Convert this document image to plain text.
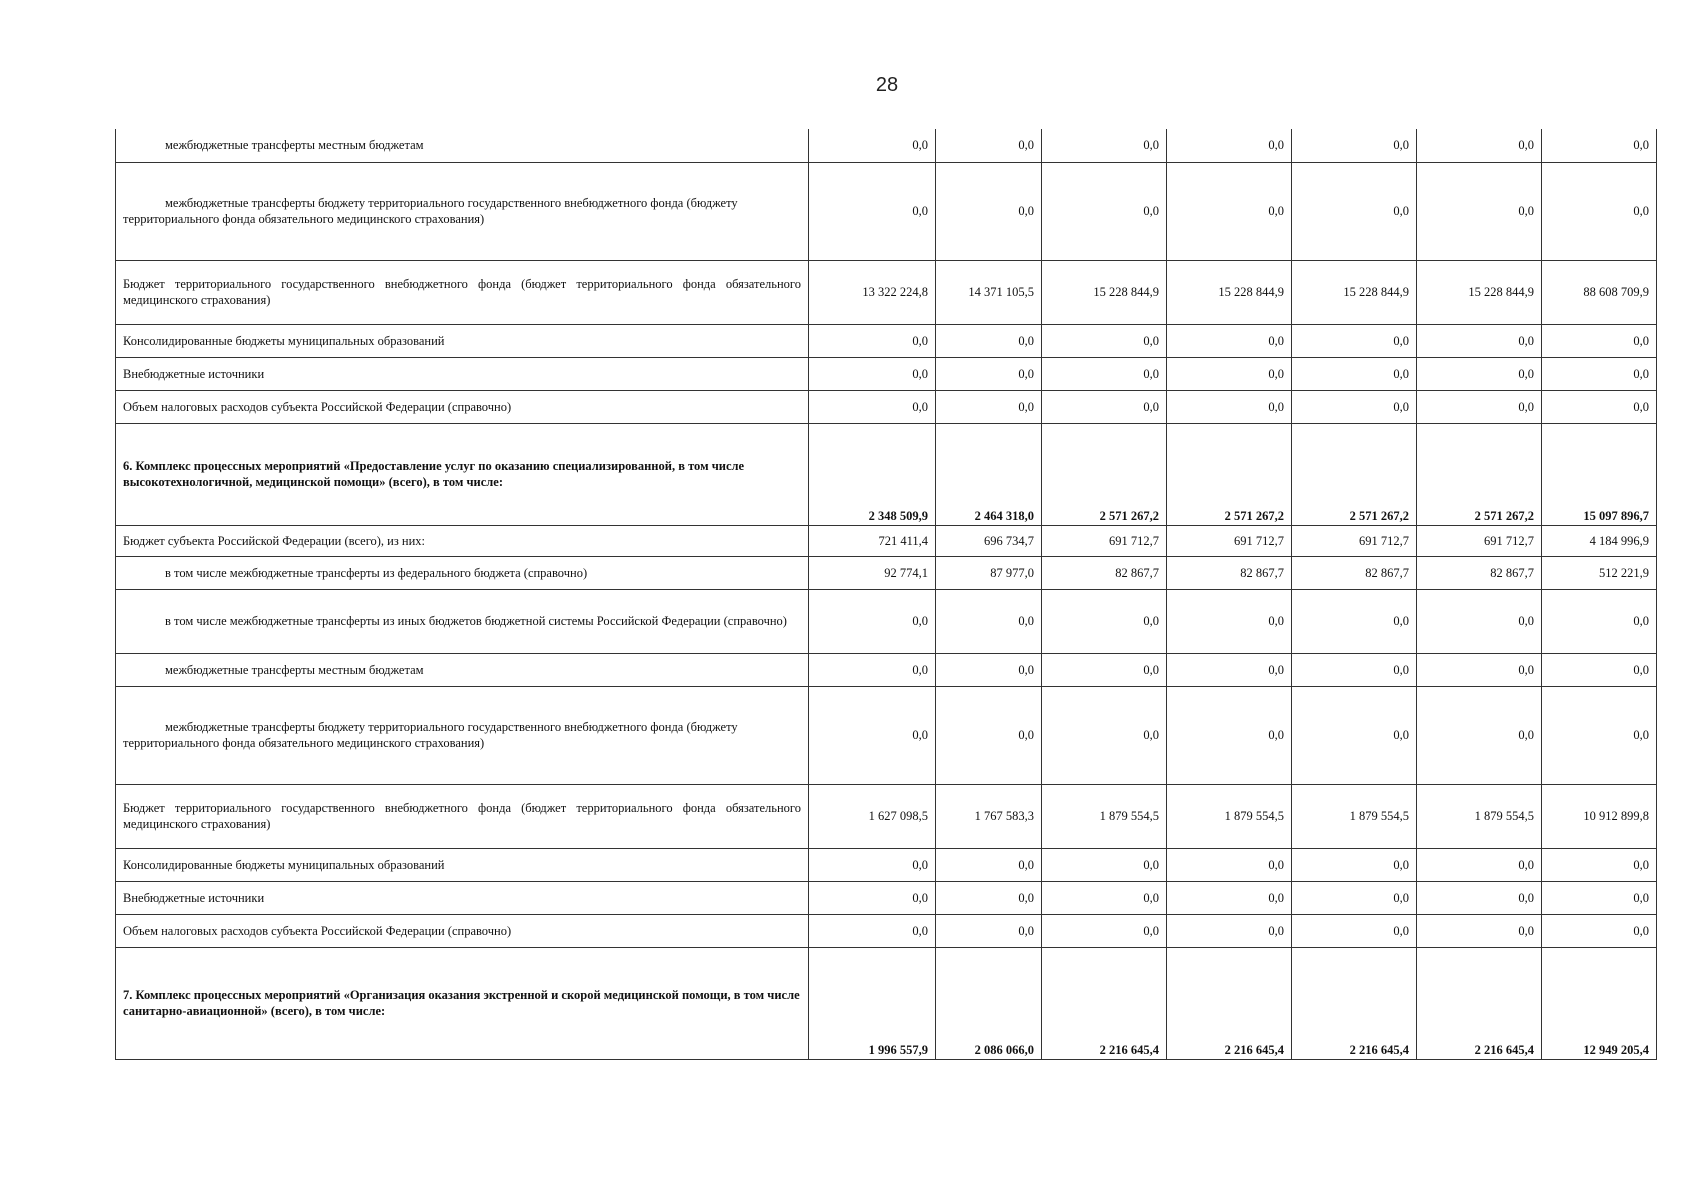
28
межбюджетные трансферты местным бюджетам	0,0	0,0	0,0	0,0	0,0	0,0	0,0

межбюджетные трансферты бюджету территориального государственного внебюджетного фонда (бюджету территориального фонда обязательного медицинского страхования)	0,0	0,0	0,0	0,0	0,0	0,0	0,0
Бюджет территориального государственного внебюджетного фонда (бюджет территориального фонда обязательного медицинского страхования)	13 322 224,8	14 371 105,5	15 228 844,9	15 228 844,9	15 228 844,9	15 228 844,9	88 608 709,9
Консолидированные бюджеты муниципальных образований	0,0	0,0	0,0	0,0	0,0	0,0	0,0
Внебюджетные источники	0,0	0,0	0,0	0,0	0,0	0,0	0,0
Объем налоговых расходов субъекта Российской Федерации (справочно)	0,0	0,0	0,0	0,0	0,0	0,0	0,0
6. Комплекс процессных мероприятий «Предоставление услуг по оказанию специализированной, в том числе высокотехнологичной, медицинской помощи» (всего), в том числе:	2 348 509,9	2 464 318,0	2 571 267,2	2 571 267,2	2 571 267,2	2 571 267,2	15 097 896,7
Бюджет субъекта Российской Федерации (всего), из них:	721 411,4	696 734,7	691 712,7	691 712,7	691 712,7	691 712,7	4 184 996,9

в том числе межбюджетные трансферты из федерального бюджета (справочно)	92 774,1	87 977,0	82 867,7	82 867,7	82 867,7	82 867,7	512 221,9

в том числе межбюджетные трансферты из иных бюджетов бюджетной системы Российской Федерации (справочно)	0,0	0,0	0,0	0,0	0,0	0,0	0,0

межбюджетные трансферты местным бюджетам	0,0	0,0	0,0	0,0	0,0	0,0	0,0

межбюджетные трансферты бюджету территориального государственного внебюджетного фонда (бюджету территориального фонда обязательного медицинского страхования)	0,0	0,0	0,0	0,0	0,0	0,0	0,0
Бюджет территориального государственного внебюджетного фонда (бюджет территориального фонда обязательного медицинского страхования)	1 627 098,5	1 767 583,3	1 879 554,5	1 879 554,5	1 879 554,5	1 879 554,5	10 912 899,8
Консолидированные бюджеты муниципальных образований	0,0	0,0	0,0	0,0	0,0	0,0	0,0
Внебюджетные источники	0,0	0,0	0,0	0,0	0,0	0,0	0,0
Объем налоговых расходов субъекта Российской Федерации (справочно)	0,0	0,0	0,0	0,0	0,0	0,0	0,0
7. Комплекс процессных мероприятий «Организация оказания экстренной и скорой медицинской помощи, в том числе санитарно-авиационной» (всего), в том числе:	1 996 557,9	2 086 066,0	2 216 645,4	2 216 645,4	2 216 645,4	2 216 645,4	12 949 205,4
